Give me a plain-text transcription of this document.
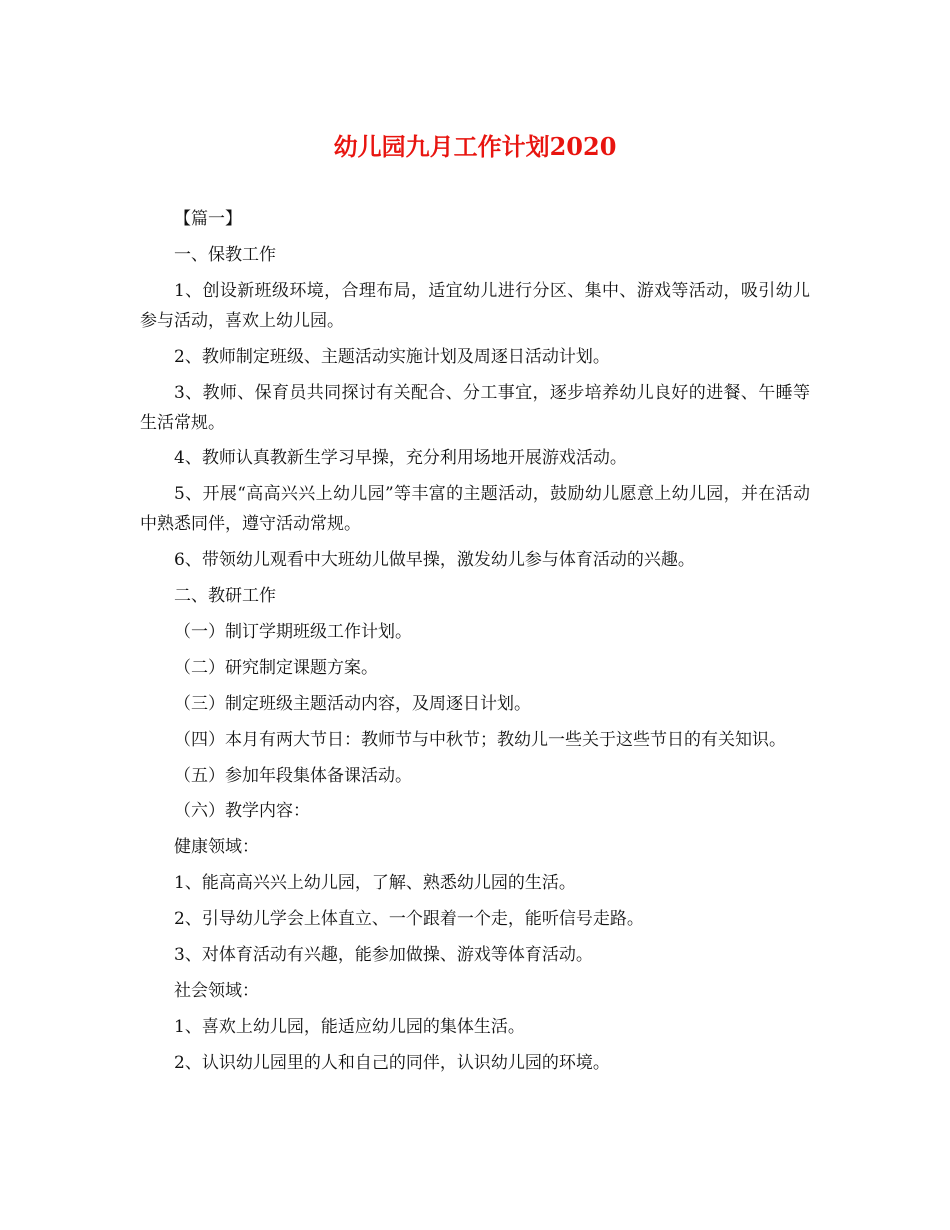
幼儿园九月工作计划2020

【篇一】

一、保教工作

1、创设新班级环境，合理布局，适宜幼儿进行分区、集中、游戏等活动，吸引幼儿参与活动，喜欢上幼儿园。

2、教师制定班级、主题活动实施计划及周逐日活动计划。

3、教师、保育员共同探讨有关配合、分工事宜，逐步培养幼儿良好的进餐、午睡等生活常规。

4、教师认真教新生学习早操，充分利用场地开展游戏活动。

5、开展“高高兴兴上幼儿园”等丰富的主题活动，鼓励幼儿愿意上幼儿园，并在活动中熟悉同伴，遵守活动常规。

6、带领幼儿观看中大班幼儿做早操，激发幼儿参与体育活动的兴趣。

二、教研工作

（一）制订学期班级工作计划。

（二）研究制定课题方案。

（三）制定班级主题活动内容，及周逐日计划。

（四）本月有两大节日：教师节与中秋节；教幼儿一些关于这些节日的有关知识。

（五）参加年段集体备课活动。

（六）教学内容：

健康领域：

1、能高高兴兴上幼儿园，了解、熟悉幼儿园的生活。

2、引导幼儿学会上体直立、一个跟着一个走，能听信号走路。

3、对体育活动有兴趣，能参加做操、游戏等体育活动。

社会领域：

1、喜欢上幼儿园，能适应幼儿园的集体生活。

2、认识幼儿园里的人和自己的同伴，认识幼儿园的环境。
